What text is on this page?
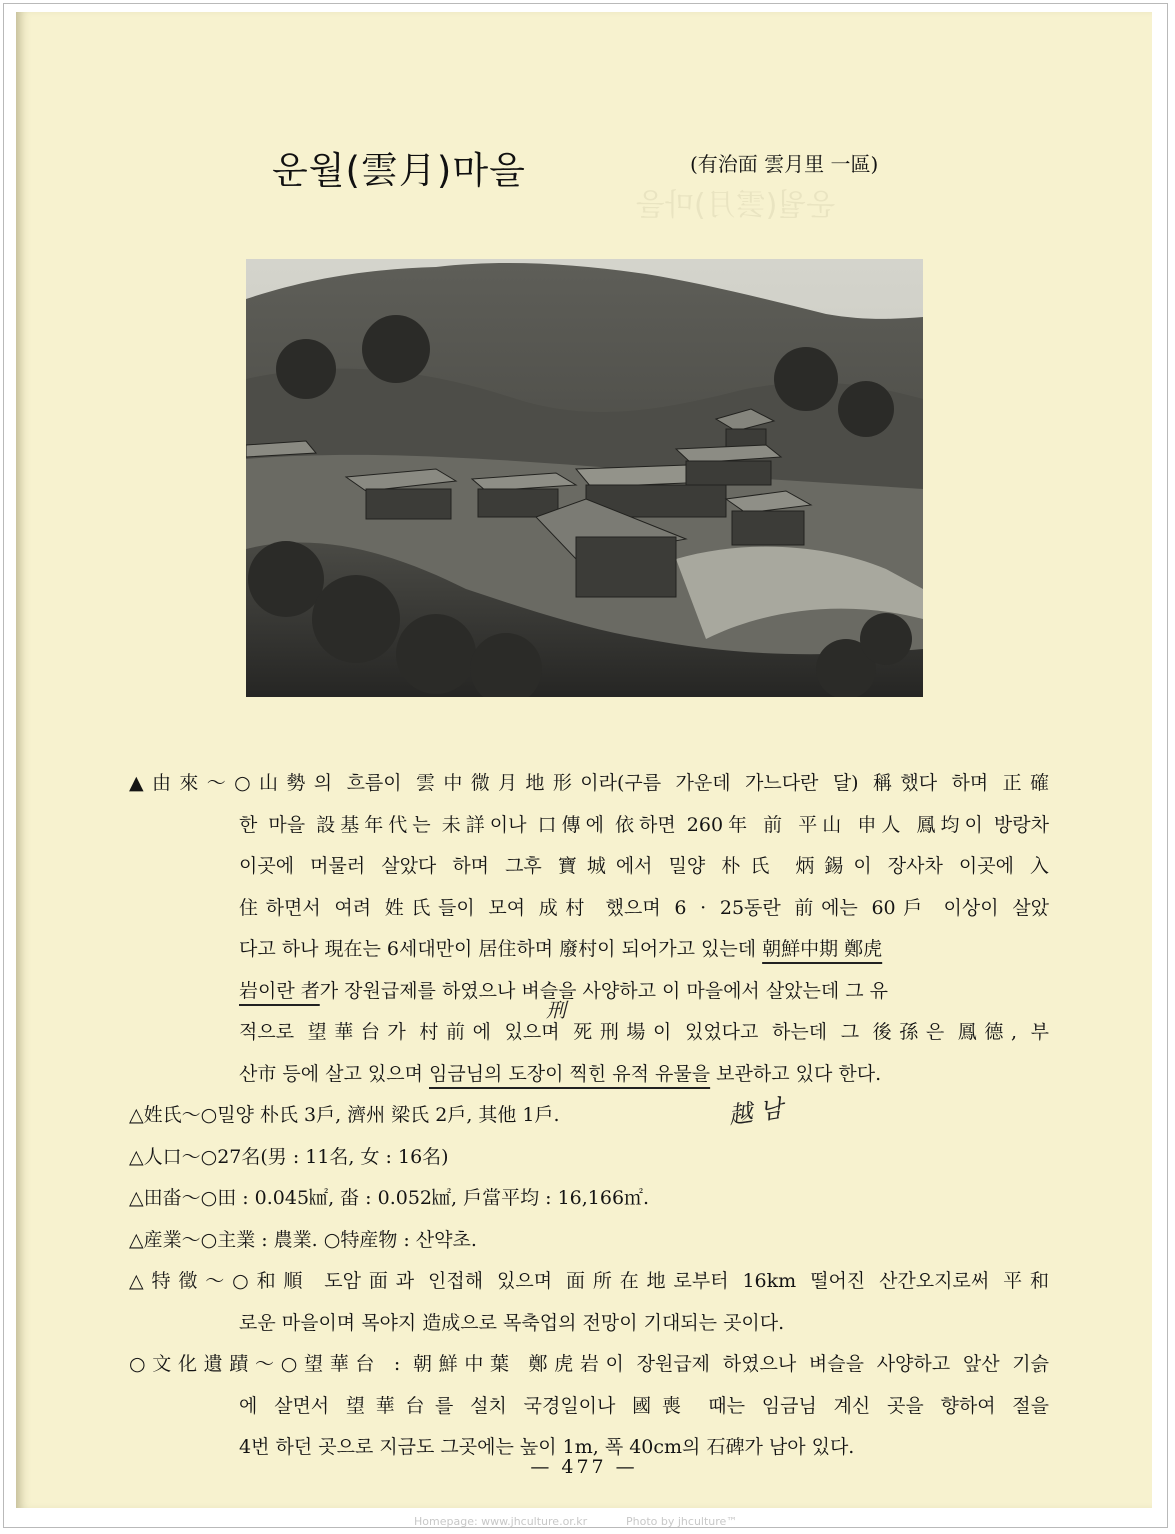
운월(雲月)마을
운월(雲月)마을	(有治面 雲月里 一區)
▲由來～○山勢의 흐름이 雲中微月地形이라(구름 가운데 가느다란 달) 稱했다 하며 正確
한 마을 設基年代는 未詳이나 口傳에 依하면 260年 前 平山 申人 鳳均이 방랑차
이곳에 머물러 살았다 하며 그후 寶城에서 밀양 朴氏 炳錫이 장사차 이곳에 入
住하면서 여려 姓氏들이 모여 成村 했으며 6 · 25동란 前에는 60戶 이상이 살았
다고 하나 現在는 6세대만이 居住하며 廢村이 되어가고 있는데 朝鮮中期 鄭虎
岩이란 者가 장원급제를 하였으나 벼슬을 사양하고 이 마을에서 살았는데 그 유
적으로 望華台가 村前에 있으며 死刑場이 있었다고 하는데 그 後孫은 鳳德, 부
산市 등에 살고 있으며 임금님의 도장이 찍힌 유적 유물을 보관하고 있다 한다.
△姓氏～○밀양 朴氏 3戶, 濟州 梁氏 2戶, 其他 1戶.
△人口～○27名(男 : 11名, 女 : 16名)
△田畓～○田 : 0.045㎢, 畓 : 0.052㎢, 戶當平均 : 16,166㎡.
△産業～○主業 : 農業. ○特産物 : 산약초.
△特徵～○和順 도암面과 인접해 있으며 面所在地로부터 16km 떨어진 산간오지로써 平和
로운 마을이며 목야지 造成으로 목축업의 전망이 기대되는 곳이다.
○文化遺蹟～○望華台 : 朝鮮中葉 鄭虎岩이 장원급제 하였으나 벼슬을 사양하고 앞산 기슭
에 살면서 望華台를 설치 국경일이나 國喪 때는 임금님 계신 곳을 향하여 절을
4번 하던 곳으로 지금도 그곳에는 높이 1m, 폭 40cm의 石碑가 남아 있다.
刑
越 남
— 477 —
Homepage: www.jhculture.or.kr	Photo by jhculture™
